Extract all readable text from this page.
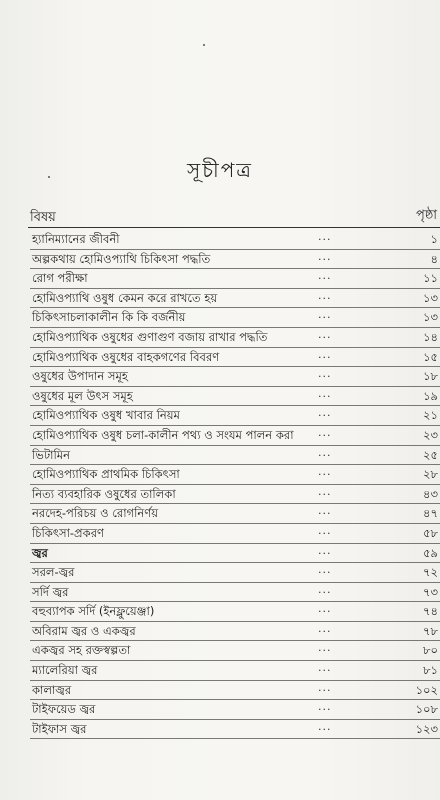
সূচীপত্র
বিষয়	পৃষ্ঠা
হ্যানিম্যানের জীবনী	...	১
অল্পকথায় হোমিওপ্যাথি চিকিৎসা পদ্ধতি	...	৪
রোগ পরীক্ষা	...	১১
হোমিওপ্যাথি ওষুধ কেমন করে রাখতে হয়	...	১৩
চিকিৎসাচলাকালীন কি কি বর্জনীয়	...	১৩
হোমিওপ্যাথিক ওষুধের গুণাগুণ বজায় রাখার পদ্ধতি	...	১৪
হোমিওপ্যাথিক ওষুধের বাহকগণের বিবরণ	...	১৫
ওষুধের উপাদান সমূহ	...	১৮
ওষুধের মূল উৎস সমূহ	...	১৯
হোমিওপ্যাথিক ওষুধ খাবার নিয়ম	...	২১
হোমিওপ্যাথিক ওষুধ চলা-কালীন পথ্য ও সংযম পালন করা ...	২৩
ভিটামিন	...	২৫
হোমিওপ্যাথিক প্রাথমিক চিকিৎসা	...	২৮
নিত্য ব্যবহারিক ওষুধের তালিকা	...	৪৩
নরদেহ-পরিচয় ও রোগনির্ণয়	...	৪৭
চিকিৎসা-প্রকরণ	...	৫৮
জ্বর	...	৫৯
সরল-জ্বর	...	৭২
সর্দি জ্বর	...	৭৩
বহুব্যাপক সর্দি (ইনফ্লুয়েঞ্জা)	...	৭৪
অবিরাম জ্বর ও একজ্বর	...	৭৮
একজ্বর সহ রক্তস্বল্পতা	...	৮০
ম্যালেরিয়া জ্বর	...	৮১
কালাজ্বর	...	১০২
টাইফয়েড জ্বর	...	১০৮
টাইফাস জ্বর	...	১২৩
